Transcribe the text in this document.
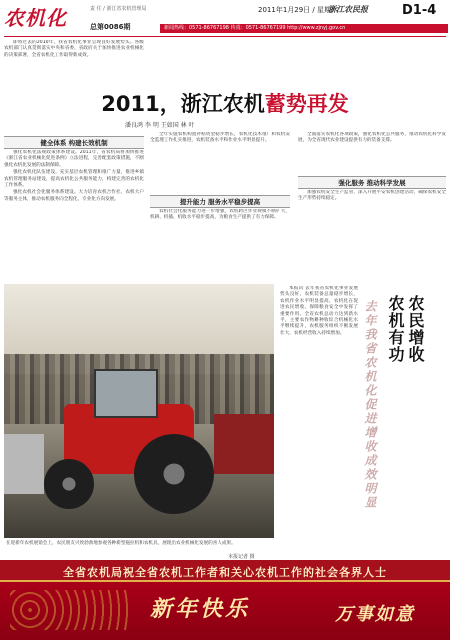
农机化	责 任 / 浙江省农机管理局
总第0086期
2011年1月29日 / 星期六
浙江农民报	D1-4
新闻热线：0571-86767198 传真：0571-86767199 http://www.zjnyj.gov.cn

即将过去的2010年，我省农机化事业呈现良好发展势头。各级农机部门认真贯彻落实中央和省委、省政府关于加快推进农业机械化的决策部署，全省农机化工作取得新成效。

2011，浙江农机蓄势再发
潘良鸿 李 明 王如国 林 叶
健全体系 构建长效机制

强化农机化法规政策体系建设。2011年，省农机局将加快推进《浙江省农业机械化促进条例》立法进程，完善配套政策措施，不断强化农机化发展的法制保障。

强化农机化队伍建设。充实基层农机管理和推广力量，推进乡镇农机管理服务站建设，提高农机化公共服务能力，构建完善的农机化工作体系。

强化农机社会化服务体系建设。大力培育农机合作社、农机大户等服务主体，推动农机服务向全程化、专业化方向发展。

全年实施农机购置补贴资金稳步增长，农机化技术推广和农机安全监理工作扎实推进，农机装备水平和作业水平明显提升。

提升能力 服务水平稳步提高

农机社会化服务能力进一步增强，农机跨区作业规模不断扩大，机耕、机插、机收水平稳步提高，为粮食生产提供了有力保障。

全面落实农机化各项政策，强化农机化公共服务，推动农机化科学发展，为全省现代农业建设提供有力的装备支撑。

强化服务 推动科学发展

加强农机安全生产监管，深入开展平安农机创建活动，确保农机安全生产形势持续稳定。

在迎新年农机展销会上，农民朋友兴致勃勃地参观各种新型拖拉机和农机具，展现出农业机械化发展的喜人成果。
本报记者 摄

本报讯 去年我省农机化事业发展势头良好，农机装备总量稳步增长，农机作业水平明显提高，农机化在促进农民增收、保障粮食安全中发挥了重要作用。全省农机总动力达到新水平，主要农作物耕种收综合机械化水平继续提升，农机服务组织不断发展壮大，农机经营收入持续增加。	去年我省农机化促进增收成效明显 农机有功 农民增收
全省农机局祝全省农机工作者和关心农机工作的社会各界人士
新年快乐	万事如意
